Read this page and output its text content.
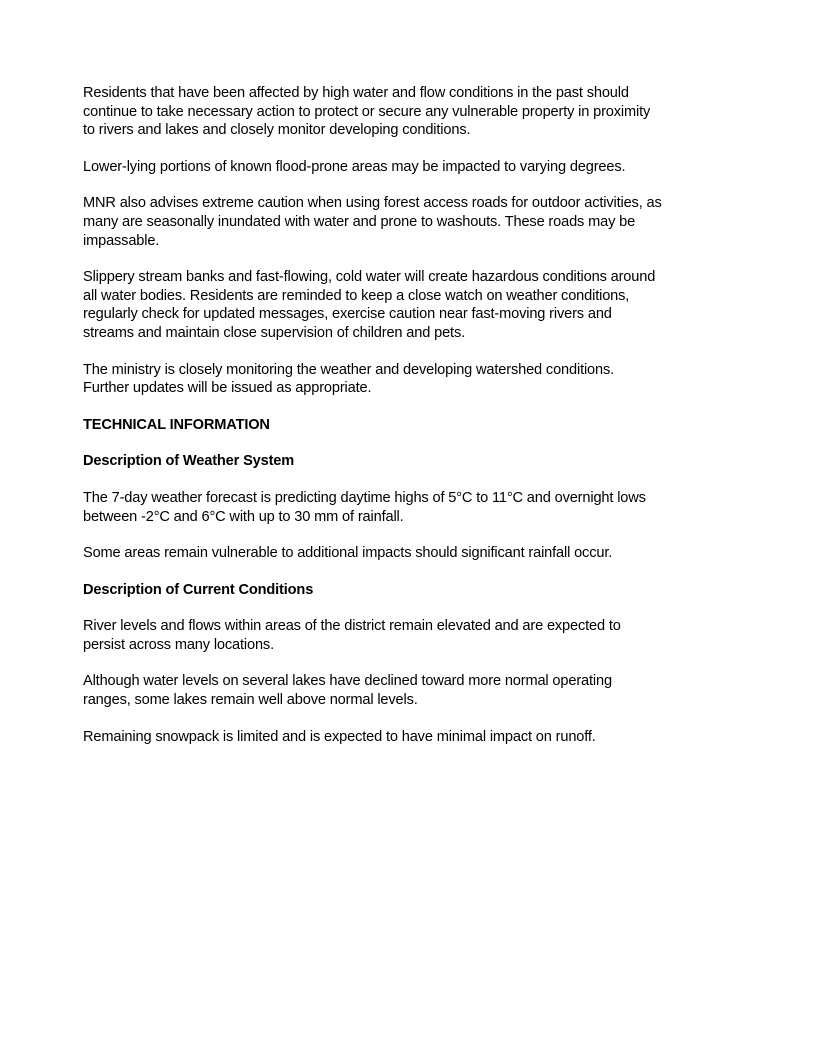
Residents that have been affected by high water and flow conditions in the past should
continue to take necessary action to protect or secure any vulnerable property in proximity
to rivers and lakes and closely monitor developing conditions.

Lower-lying portions of known flood-prone areas may be impacted to varying degrees.

MNR also advises extreme caution when using forest access roads for outdoor activities, as
many are seasonally inundated with water and prone to washouts. These roads may be
impassable.

Slippery stream banks and fast-flowing, cold water will create hazardous conditions around
all water bodies. Residents are reminded to keep a close watch on weather conditions,
regularly check for updated messages, exercise caution near fast-moving rivers and
streams and maintain close supervision of children and pets.

The ministry is closely monitoring the weather and developing watershed conditions.
Further updates will be issued as appropriate.

TECHNICAL INFORMATION

Description of Weather System

The 7-day weather forecast is predicting daytime highs of 5°C to 11°C and overnight lows
between -2°C and 6°C with up to 30 mm of rainfall.

Some areas remain vulnerable to additional impacts should significant rainfall occur.

Description of Current Conditions

River levels and flows within areas of the district remain elevated and are expected to
persist across many locations.

Although water levels on several lakes have declined toward more normal operating
ranges, some lakes remain well above normal levels.

Remaining snowpack is limited and is expected to have minimal impact on runoff.
